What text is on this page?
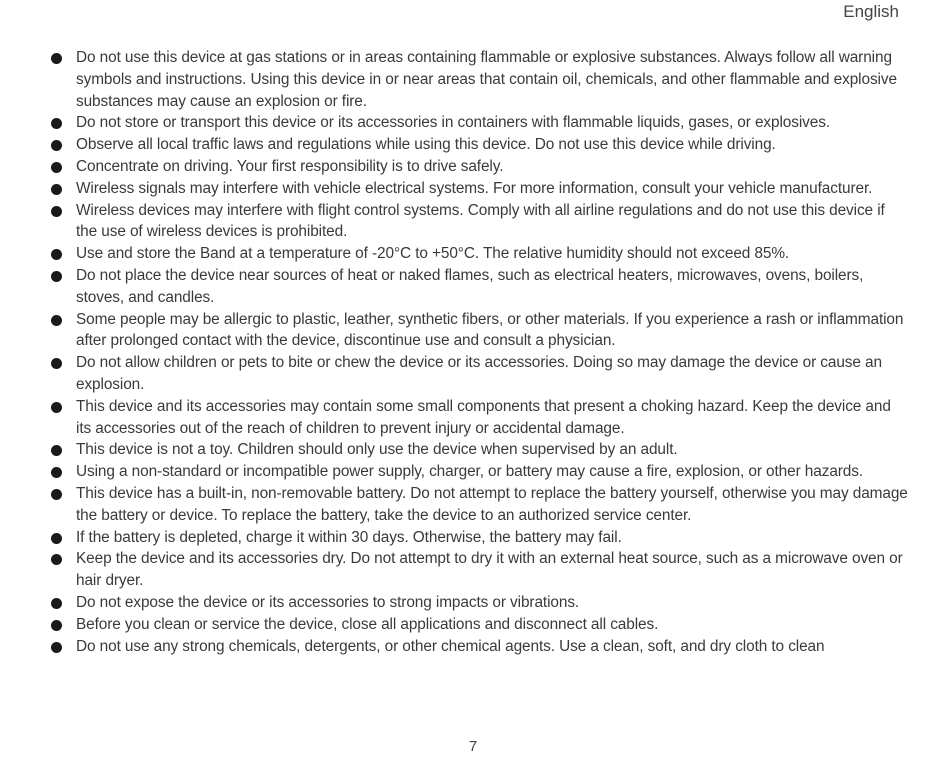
English
Do not use this device at gas stations or in areas containing flammable or explosive substances. Always follow all warning symbols and instructions. Using this device in or near areas that contain oil, chemicals, and other flammable and explosive substances may cause an explosion or fire.
Do not store or transport this device or its accessories in containers with flammable liquids, gases, or explosives.
Observe all local traffic laws and regulations while using this device. Do not use this device while driving.
Concentrate on driving. Your first responsibility is to drive safely.
Wireless signals may interfere with vehicle electrical systems. For more information, consult your vehicle manufacturer.
Wireless devices may interfere with flight control systems. Comply with all airline regulations and do not use this device if the use of wireless devices is prohibited.
Use and store the Band at a temperature of -20°C to +50°C. The relative humidity should not exceed 85%.
Do not place the device near sources of heat or naked flames, such as electrical heaters, microwaves, ovens, boilers, stoves, and candles.
Some people may be allergic to plastic, leather, synthetic fibers, or other materials. If you experience a rash or inflammation after prolonged contact with the device, discontinue use and consult a physician.
Do not allow children or pets to bite or chew the device or its accessories. Doing so may damage the device or cause an explosion.
This device and its accessories may contain some small components that present a choking hazard. Keep the device and its accessories out of the reach of children to prevent injury or accidental damage.
This device is not a toy. Children should only use the device when supervised by an adult.
Using a non-standard or incompatible power supply, charger, or battery may cause a fire, explosion, or other hazards.
This device has a built-in, non-removable battery. Do not attempt to replace the battery yourself, otherwise you may damage the battery or device. To replace the battery, take the device to an authorized service center.
If the battery is depleted, charge it within 30 days. Otherwise, the battery may fail.
Keep the device and its accessories dry. Do not attempt to dry it with an external heat source, such as a microwave oven or hair dryer.
Do not expose the device or its accessories to strong impacts or vibrations.
Before you clean or service the device, close all applications and disconnect all cables.
Do not use any strong chemicals, detergents, or other chemical agents. Use a clean, soft, and dry cloth to clean
7
